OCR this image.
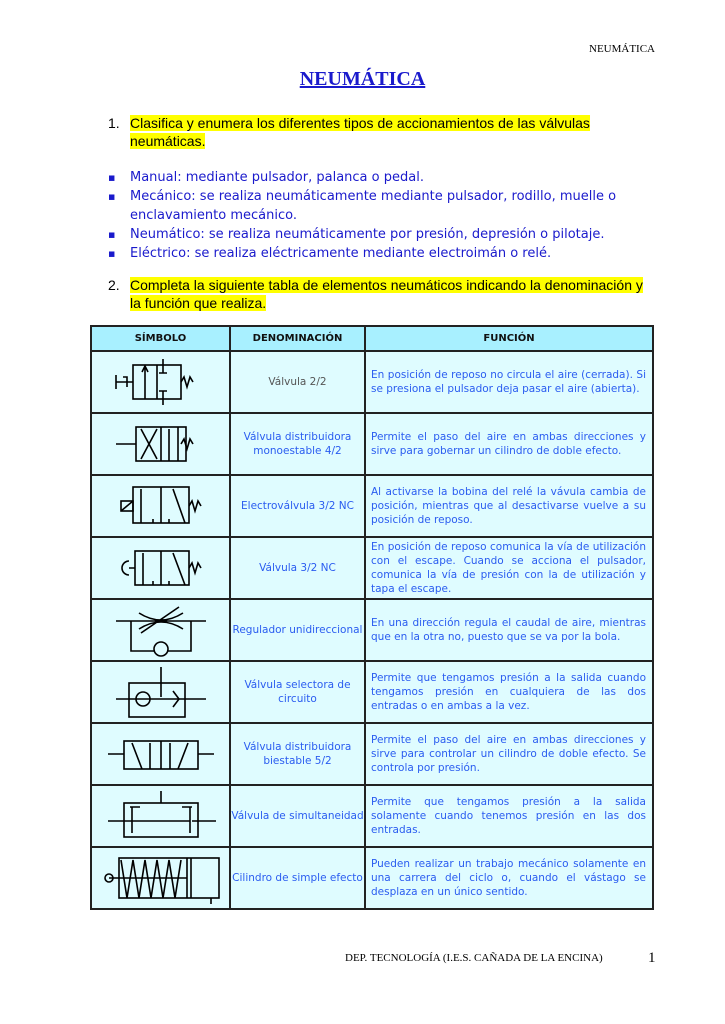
NEUMÁTICA
NEUMÁTICA
1. Clasifica y enumera los diferentes tipos de accionamientos de las válvulas neumáticas.
▪ Manual: mediante pulsador, palanca o pedal.
▪ Mecánico: se realiza neumáticamente mediante pulsador, rodillo, muelle o enclavamiento mecánico.
▪ Neumático: se realiza neumáticamente por presión, depresión o pilotaje.
▪ Eléctrico: se realiza eléctricamente mediante electroimán o relé.
2. Completa la siguiente tabla de elementos neumáticos indicando la denominación y la función que realiza.
SÍMBOLO	DENOMINACIÓN	FUNCIÓN

	Válvula 2/2	En posición de reposo no circula el aire (cerrada). Si se presiona el pulsador deja pasar el aire (abierta).

	Válvula distribuidora monoestable 4/2	Permite el paso del aire en ambas direcciones y sirve para gobernar un cilindro de doble efecto.

	Electroválvula 3/2 NC	Al activarse la bobina del relé la vávula cambia de posición, mientras que al desactivarse vuelve a su posición de reposo.

	Válvula 3/2 NC	En posición de reposo comunica la vía de utilización con el escape. Cuando se acciona el pulsador, comunica la vía de presión con la de utilización y tapa el escape.

	Regulador unidireccional	En una dirección regula el caudal de aire, mientras que en la otra no, puesto que se va por la bola.

	Válvula selectora de circuito	Permite que tengamos presión a la salida cuando tengamos presión en cualquiera de las dos entradas o en ambas a la vez.

	Válvula distribuidora biestable 5/2	Permite el paso del aire en ambas direcciones y sirve para controlar un cilindro de doble efecto. Se controla por presión.

	Válvula de simultaneidad	Permite que tengamos presión a la salida solamente cuando tenemos presión en las dos entradas.

	Cilindro de simple efecto	Pueden realizar un trabajo mecánico solamente en una carrera del ciclo o, cuando el vástago se desplaza en un único sentido.
DEP. TECNOLOGÍA (I.E.S. CAÑADA DE LA ENCINA)	1
